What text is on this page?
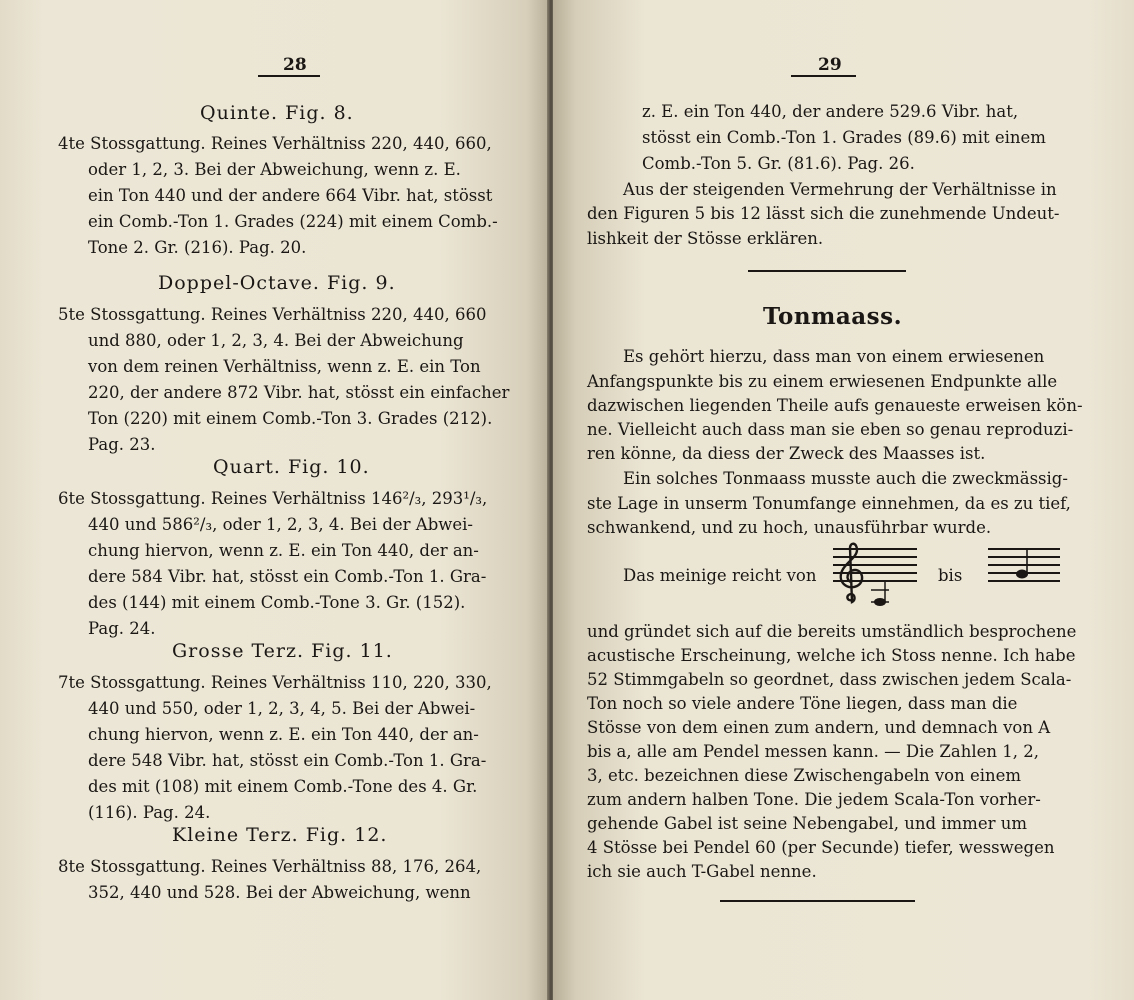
28
Quinte. Fig. 8.
4te Stossgattung. Reines Verhältniss 220, 440, 660,
oder 1, 2, 3. Bei der Abweichung, wenn z. E.
ein Ton 440 und der andere 664 Vibr. hat, stösst
ein Comb.-Ton 1. Grades (224) mit einem Comb.-
Tone 2. Gr. (216). Pag. 20.
Doppel-Octave. Fig. 9.
5te Stossgattung. Reines Verhältniss 220, 440, 660
und 880, oder 1, 2, 3, 4. Bei der Abweichung
von dem reinen Verhältniss, wenn z. E. ein Ton
220, der andere 872 Vibr. hat, stösst ein einfacher
Ton (220) mit einem Comb.-Ton 3. Grades (212).
Pag. 23.
Quart. Fig. 10.
6te Stossgattung. Reines Verhältniss 146²/₃, 293¹/₃,
440 und 586²/₃, oder 1, 2, 3, 4. Bei der Abwei-
chung hiervon, wenn z. E. ein Ton 440, der an-
dere 584 Vibr. hat, stösst ein Comb.-Ton 1. Gra-
des (144) mit einem Comb.-Tone 3. Gr. (152).
Pag. 24.
Grosse Terz. Fig. 11.
7te Stossgattung. Reines Verhältniss 110, 220, 330,
440 und 550, oder 1, 2, 3, 4, 5. Bei der Abwei-
chung hiervon, wenn z. E. ein Ton 440, der an-
dere 548 Vibr. hat, stösst ein Comb.-Ton 1. Gra-
des mit (108) mit einem Comb.-Tone des 4. Gr.
(116). Pag. 24.
Kleine Terz. Fig. 12.
8te Stossgattung. Reines Verhältniss 88, 176, 264,
352, 440 und 528. Bei der Abweichung, wenn
29
z. E. ein Ton 440, der andere 529.6 Vibr. hat,
stösst ein Comb.-Ton 1. Grades (89.6) mit einem
Comb.-Ton 5. Gr. (81.6). Pag. 26.
Aus der steigenden Vermehrung der Verhältnisse in
den Figuren 5 bis 12 lässt sich die zunehmende Undeut-
lishkeit der Stösse erklären.
Tonmaass.
Es gehört hierzu, dass man von einem erwiesenen
Anfangspunkte bis zu einem erwiesenen Endpunkte alle
dazwischen liegenden Theile aufs genaueste erweisen kön-
ne. Vielleicht auch dass man sie eben so genau reproduzi-
ren könne, da diess der Zweck des Maasses ist.
Ein solches Tonmaass musste auch die zweckmässig-
ste Lage in unserm Tonumfange einnehmen, da es zu tief,
schwankend, und zu hoch, unausführbar wurde.
Das meinige reicht von	bis
und gründet sich auf die bereits umständlich besprochene
acustische Erscheinung, welche ich Stoss nenne. Ich habe
52 Stimmgabeln so geordnet, dass zwischen jedem Scala-
Ton noch so viele andere Töne liegen, dass man die
Stösse von dem einen zum andern, und demnach von A
bis a, alle am Pendel messen kann. — Die Zahlen 1, 2,
3, etc. bezeichnen diese Zwischengabeln von einem
zum andern halben Tone. Die jedem Scala-Ton vorher-
gehende Gabel ist seine Nebengabel, und immer um
4 Stösse bei Pendel 60 (per Secunde) tiefer, wesswegen
ich sie auch T-Gabel nenne.
